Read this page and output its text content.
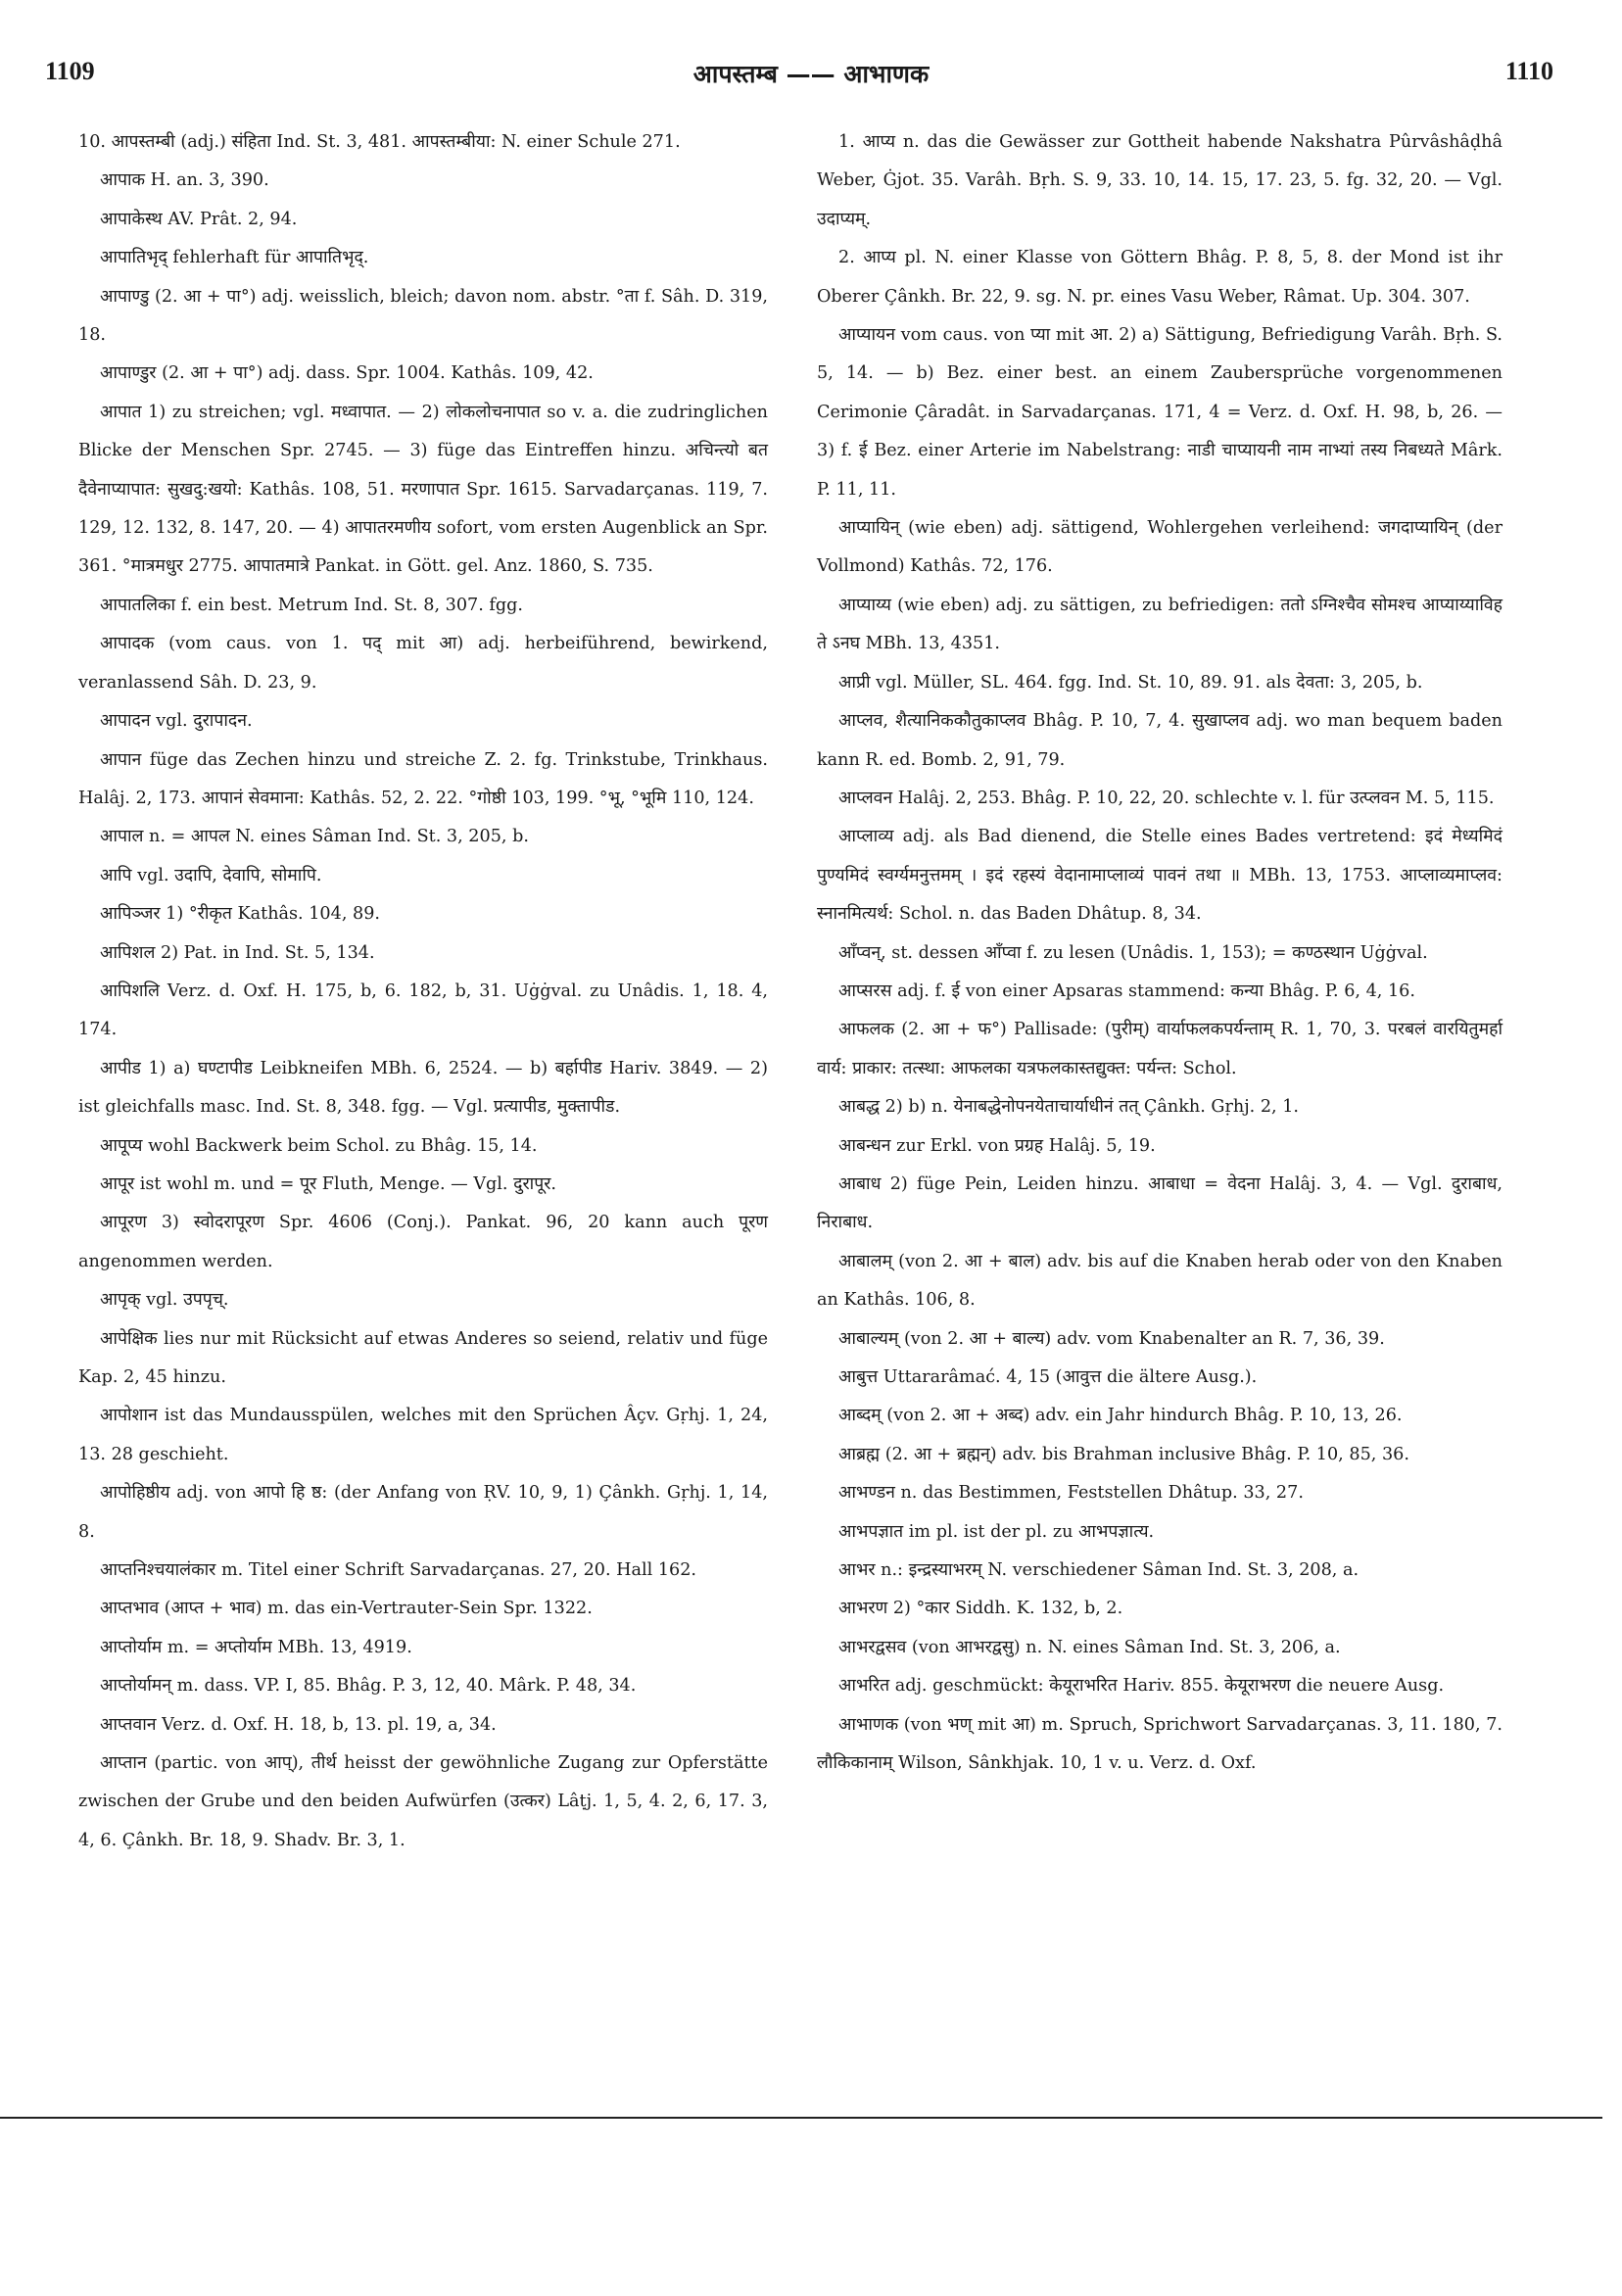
1109	आपस्तम्ब —— आभाणक	1110

10. आपस्तम्बी (adj.) संहिता Ind. St. 3, 481. आपस्तम्बीया: N. einer Schule 271.

आपाक H. an. 3, 390.

आपाकेस्थ AV. Prât. 2, 94.

आपातिभृद् fehlerhaft für आपातिभृद्.

आपाण्डु (2. आ + पा°) adj. weisslich, bleich; davon nom. abstr. °ता f. Sâh. D. 319, 18.

आपाण्डुर (2. आ + पा°) adj. dass. Spr. 1004. Kathâs. 109, 42.

आपात 1) zu streichen; vgl. मध्वापात. — 2) लोकलोचनापात so v. a. die zudringlichen Blicke der Menschen Spr. 2745. — 3) füge das Eintreffen hinzu. अचिन्त्यो बत दैवेनाप्यापात: सुखदु:खयो: Kathâs. 108, 51. मरणापात Spr. 1615. Sarvadarçanas. 119, 7. 129, 12. 132, 8. 147, 20. — 4) आपातरमणीय sofort, vom ersten Augenblick an Spr. 361. °मात्रमधुर 2775. आपातमात्रे Pankat. in Gött. gel. Anz. 1860, S. 735.

आपातलिका f. ein best. Metrum Ind. St. 8, 307. fgg.

आपादक (vom caus. von 1. पद् mit आ) adj. herbeiführend, bewirkend, veranlassend Sâh. D. 23, 9.

आपादन vgl. दुरापादन.

आपान füge das Zechen hinzu und streiche Z. 2. fg. Trinkstube, Trinkhaus. Halâj. 2, 173. आपानं सेवमाना: Kathâs. 52, 2. 22. °गोष्ठी 103, 199. °भू, °भूमि 110, 124.

आपाल n. = आपल N. eines Sâman Ind. St. 3, 205, b.

आपि vgl. उदापि, देवापि, सोमापि.

आपिञ्जर 1) °रीकृत Kathâs. 104, 89.

आपिशल 2) Pat. in Ind. St. 5, 134.

आपिशलि Verz. d. Oxf. H. 175, b, 6. 182, b, 31. Uġġval. zu Unâdis. 1, 18. 4, 174.

आपीड 1) a) घण्टापीड Leibkneifen MBh. 6, 2524. — b) बर्हापीड Hariv. 3849. — 2) ist gleichfalls masc. Ind. St. 8, 348. fgg. — Vgl. प्रत्यापीड, मुक्तापीड.

आपूप्य wohl Backwerk beim Schol. zu Bhâg. 15, 14.

आपूर ist wohl m. und = पूर Fluth, Menge. — Vgl. दुरापूर.

आपूरण 3) स्वोदरापूरण Spr. 4606 (Conj.). Pankat. 96, 20 kann auch पूरण angenommen werden.

आपृक् vgl. उपपृच्.

आपेक्षिक lies nur mit Rücksicht auf etwas Anderes so seiend, relativ und füge Kap. 2, 45 hinzu.

आपोशान ist das Mundausspülen, welches mit den Sprüchen Âçv. Gṛhj. 1, 24, 13. 28 geschieht.

आपोहिष्ठीय adj. von आपो हि ष्ठ: (der Anfang von ṚV. 10, 9, 1) Çânkh. Gṛhj. 1, 14, 8.

आप्तनिश्चयालंकार m. Titel einer Schrift Sarvadarçanas. 27, 20. Hall 162.

आप्तभाव (आप्त + भाव) m. das ein-Vertrauter-Sein Spr. 1322.

आप्तोर्याम m. = अप्तोर्याम MBh. 13, 4919.

आप्तोर्यामन् m. dass. VP. I, 85. Bhâg. P. 3, 12, 40. Mârk. P. 48, 34.

आप्तवान Verz. d. Oxf. H. 18, b, 13. pl. 19, a, 34.

आप्तान (partic. von आप्), तीर्थ heisst der gewöhnliche Zugang zur Opferstätte zwischen der Grube und den beiden Aufwürfen (उत्कर) Lâṭj. 1, 5, 4. 2, 6, 17. 3, 4, 6. Çânkh. Br. 18, 9. Shadv. Br. 3, 1.

1. आप्य n. das die Gewässer zur Gottheit habende Nakshatra Pûrvâshâḍhâ Weber, Ġjot. 35. Varâh. Bṛh. S. 9, 33. 10, 14. 15, 17. 23, 5. fg. 32, 20. — Vgl. उदाप्यम्.

2. आप्य pl. N. einer Klasse von Göttern Bhâg. P. 8, 5, 8. der Mond ist ihr Oberer Çânkh. Br. 22, 9. sg. N. pr. eines Vasu Weber, Râmat. Up. 304. 307.

आप्यायन vom caus. von प्या mit आ. 2) a) Sättigung, Befriedigung Varâh. Bṛh. S. 5, 14. — b) Bez. einer best. an einem Zaubersprüche vorgenommenen Cerimonie Çâradât. in Sarvadarçanas. 171, 4 = Verz. d. Oxf. H. 98, b, 26. — 3) f. ई Bez. einer Arterie im Nabelstrang: नाडी चाप्यायनी नाम नाभ्यां तस्य निबध्यते Mârk. P. 11, 11.

आप्यायिन् (wie eben) adj. sättigend, Wohlergehen verleihend: जगदाप्यायिन् (der Vollmond) Kathâs. 72, 176.

आप्याय्य (wie eben) adj. zu sättigen, zu befriedigen: ततो ऽग्निश्चैव सोमश्च आप्याय्याविह ते ऽनघ MBh. 13, 4351.

आप्री vgl. Müller, SL. 464. fgg. Ind. St. 10, 89. 91. als देवता: 3, 205, b.

आप्लव, शैत्यानिककौतुकाप्लव Bhâg. P. 10, 7, 4. सुखाप्लव adj. wo man bequem baden kann R. ed. Bomb. 2, 91, 79.

आप्लवन Halâj. 2, 253. Bhâg. P. 10, 22, 20. schlechte v. l. für उत्प्लवन M. 5, 115.

आप्लाव्य adj. als Bad dienend, die Stelle eines Bades vertretend: इदं मेध्यमिदं पुण्यमिदं स्वर्ग्यमनुत्तमम् । इदं रहस्यं वेदानामाप्लाव्यं पावनं तथा ॥ MBh. 13, 1753. आप्लाव्यमाप्लव: स्नानमित्यर्थ: Schol. n. das Baden Dhâtup. 8, 34.

आँप्वन्, st. dessen आँप्वा f. zu lesen (Unâdis. 1, 153); = कण्ठस्थान Uġġval.

आप्सरस adj. f. ई von einer Apsaras stammend: कन्या Bhâg. P. 6, 4, 16.

आफलक (2. आ + फ°) Pallisade: (पुरीम्) वार्याफलकपर्यन्ताम् R. 1, 70, 3. परबलं वारयितुमर्हा वार्य: प्राकार: तत्स्था: आफलका यत्रफलकास्तद्युक्त: पर्यन्त: Schol.

आबद्ध 2) b) n. येनाबद्धेनोपनयेताचार्याधीनं तत् Çânkh. Gṛhj. 2, 1.

आबन्धन zur Erkl. von प्रग्रह Halâj. 5, 19.

आबाध 2) füge Pein, Leiden hinzu. आबाधा = वेदना Halâj. 3, 4. — Vgl. दुराबाध, निराबाध.

आबालम् (von 2. आ + बाल) adv. bis auf die Knaben herab oder von den Knaben an Kathâs. 106, 8.

आबाल्यम् (von 2. आ + बाल्य) adv. vom Knabenalter an R. 7, 36, 39.

आबुत्त Uttararâmać. 4, 15 (आवुत्त die ältere Ausg.).

आब्दम् (von 2. आ + अब्द) adv. ein Jahr hindurch Bhâg. P. 10, 13, 26.

आब्रह्म (2. आ + ब्रह्मन्) adv. bis Brahman inclusive Bhâg. P. 10, 85, 36.

आभण्डन n. das Bestimmen, Feststellen Dhâtup. 33, 27.

आभपज्ञात im pl. ist der pl. zu आभपज्ञात्य.

आभर n.: इन्द्रस्याभरम् N. verschiedener Sâman Ind. St. 3, 208, a.

आभरण 2) °कार Siddh. K. 132, b, 2.

आभरद्वसव (von आभरद्वसु) n. N. eines Sâman Ind. St. 3, 206, a.

आभरित adj. geschmückt: केयूराभरित Hariv. 855. केयूराभरण die neuere Ausg.

आभाणक (von भण् mit आ) m. Spruch, Sprichwort Sarvadarçanas. 3, 11. 180, 7. लौकिकानाम् Wilson, Sânkhjak. 10, 1 v. u. Verz. d. Oxf.
